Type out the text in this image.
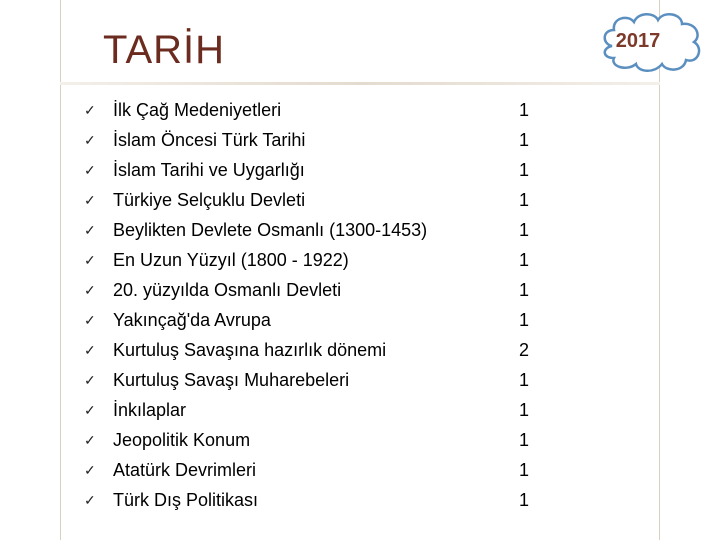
TARİH	2017
✓ İlk Çağ Medeniyetleri	1
✓ İslam Öncesi Türk Tarihi	1
✓ İslam Tarihi ve Uygarlığı	1
✓ Türkiye Selçuklu Devleti	1
✓ Beylikten Devlete Osmanlı (1300-1453)	1
✓ En Uzun Yüzyıl (1800 - 1922)	1
✓ 20. yüzyılda Osmanlı Devleti	1
✓ Yakınçağ'da Avrupa	1
✓ Kurtuluş Savaşına hazırlık dönemi	2
✓ Kurtuluş Savaşı Muharebeleri	1
✓ İnkılaplar	1
✓ Jeopolitik Konum	1
✓ Atatürk Devrimleri	1
✓ Türk Dış Politikası	1
